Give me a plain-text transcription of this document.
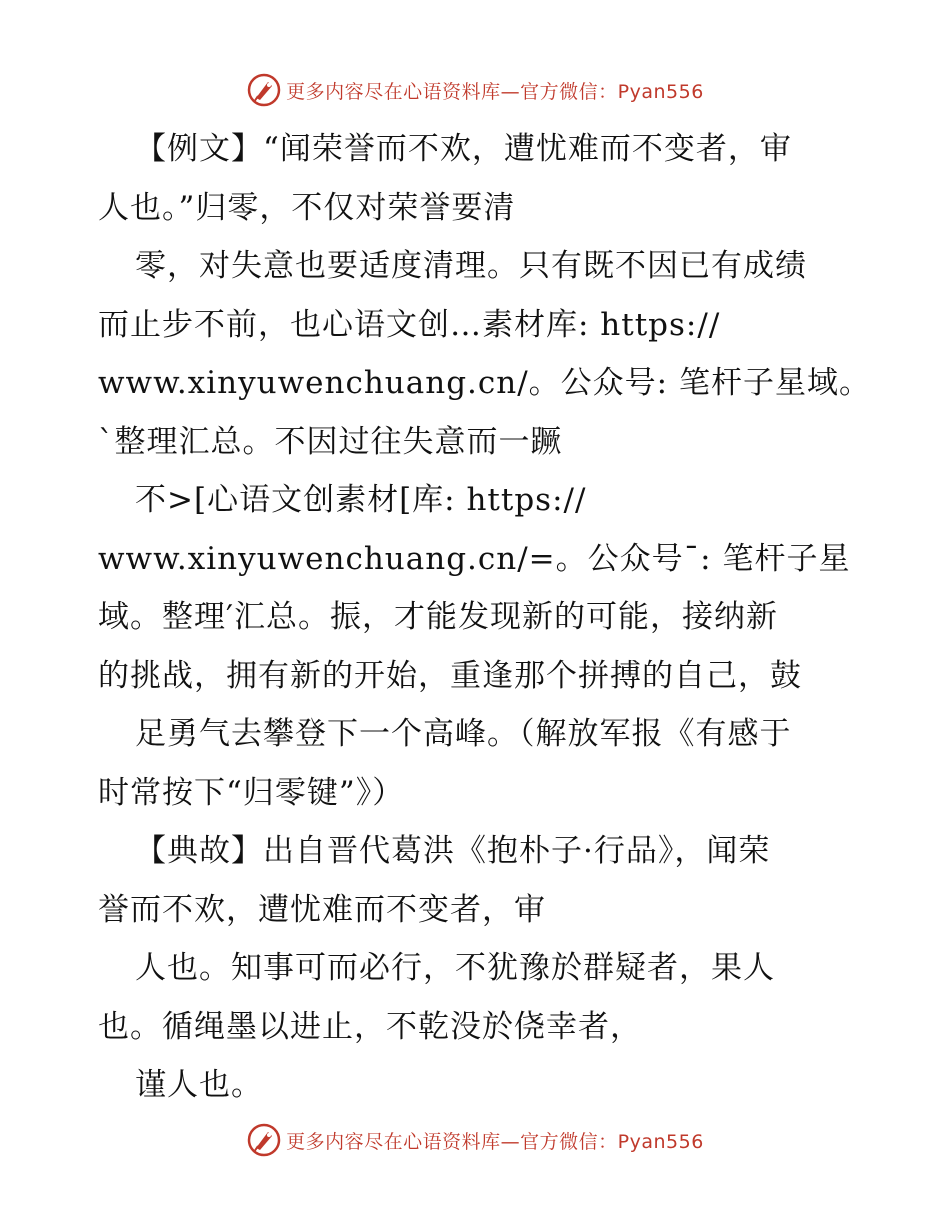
更多内容尽在心语资料库—官方微信：Pyan556
【例文】“闻荣誉而不欢，遭忧难而不变者，审
人也。”归零，不仅对荣誉要清
零，对失意也要适度清理。只有既不因已有成绩
而止步不前，也心语文创…素材库: https://
www.xinyuwenchuang.cn/。公众号: 笔杆子星域。
`整理汇总。不因过往失意而一蹶
不>[心语文创素材[库: https://
www.xinyuwenchuang.cn/=。公众号¯: 笔杆子星
域。整理′汇总。振，才能发现新的可能，接纳新
的挑战，拥有新的开始，重逢那个拼搏的自己，鼓
足勇气去攀登下一个高峰。（解放军报《有感于
时常按下“归零键”》）
【典故】出自晋代葛洪《抱朴子·行品》，闻荣
誉而不欢，遭忧难而不变者，审
人也。知事可而必行，不犹豫於群疑者，果人
也。循绳墨以进止，不乾没於侥幸者，
谨人也。
更多内容尽在心语资料库—官方微信：Pyan556
